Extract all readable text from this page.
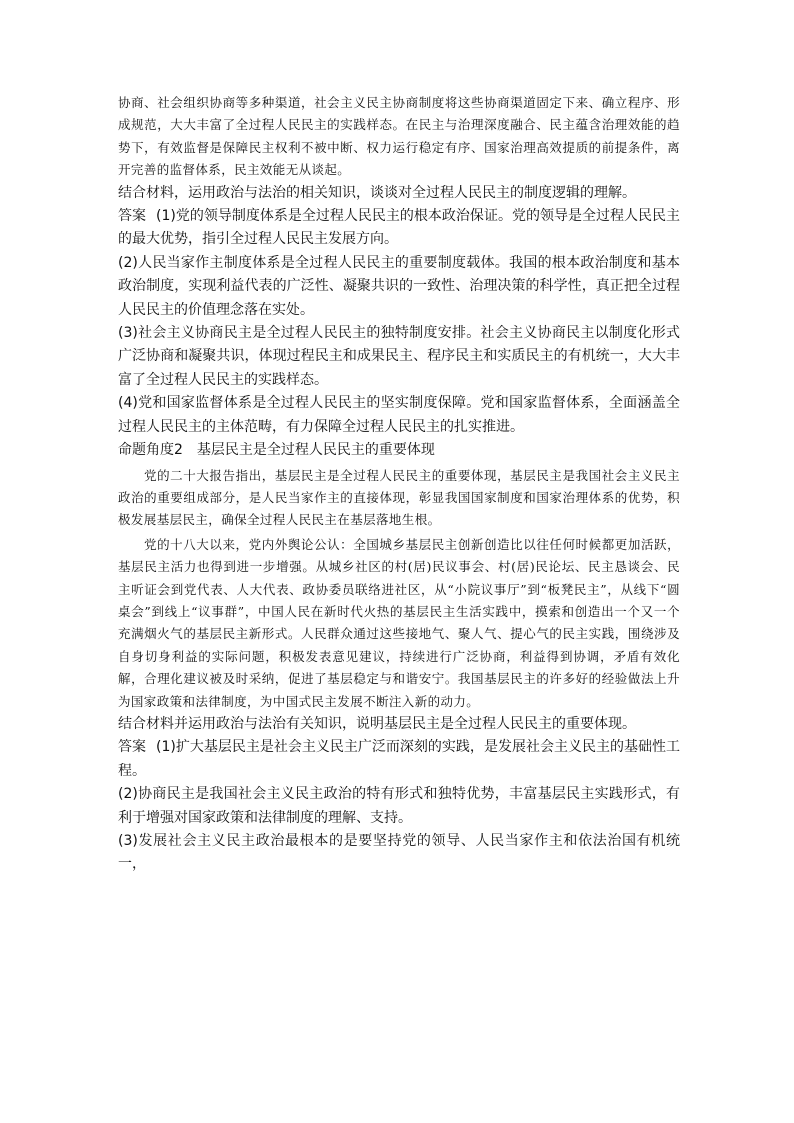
协商、社会组织协商等多种渠道，社会主义民主协商制度将这些协商渠道固定下来、确立程序、形成规范，大大丰富了全过程人民民主的实践样态。在民主与治理深度融合、民主蕴含治理效能的趋势下，有效监督是保障民主权利不被中断、权力运行稳定有序、国家治理高效提质的前提条件，离开完善的监督体系，民主效能无从谈起。

结合材料，运用政治与法治的相关知识，谈谈对全过程人民民主的制度逻辑的理解。

答案 (1)党的领导制度体系是全过程人民民主的根本政治保证。党的领导是全过程人民民主的最大优势，指引全过程人民民主发展方向。

(2)人民当家作主制度体系是全过程人民民主的重要制度载体。我国的根本政治制度和基本政治制度，实现利益代表的广泛性、凝聚共识的一致性、治理决策的科学性，真正把全过程人民民主的价值理念落在实处。

(3)社会主义协商民主是全过程人民民主的独特制度安排。社会主义协商民主以制度化形式广泛协商和凝聚共识，体现过程民主和成果民主、程序民主和实质民主的有机统一，大大丰富了全过程人民民主的实践样态。

(4)党和国家监督体系是全过程人民民主的坚实制度保障。党和国家监督体系，全面涵盖全过程人民民主的主体范畴，有力保障全过程人民民主的扎实推进。

命题角度2 基层民主是全过程人民民主的重要体现

党的二十大报告指出，基层民主是全过程人民民主的重要体现，基层民主是我国社会主义民主政治的重要组成部分，是人民当家作主的直接体现，彰显我国国家制度和国家治理体系的优势，积极发展基层民主，确保全过程人民民主在基层落地生根。

党的十八大以来，党内外舆论公认：全国城乡基层民主创新创造比以往任何时候都更加活跃，基层民主活力也得到进一步增强。从城乡社区的村(居)民议事会、村(居)民论坛、民主恳谈会、民主听证会到党代表、人大代表、政协委员联络进社区，从“小院议事厅”到“板凳民主”，从线下“圆桌会”到线上“议事群”，中国人民在新时代火热的基层民主生活实践中，摸索和创造出一个又一个充满烟火气的基层民主新形式。人民群众通过这些接地气、聚人气、提心气的民主实践，围绕涉及自身切身利益的实际问题，积极发表意见建议，持续进行广泛协商，利益得到协调，矛盾有效化解，合理化建议被及时采纳，促进了基层稳定与和谐安宁。我国基层民主的许多好的经验做法上升为国家政策和法律制度，为中国式民主发展不断注入新的动力。

结合材料并运用政治与法治有关知识，说明基层民主是全过程人民民主的重要体现。

答案 (1)扩大基层民主是社会主义民主广泛而深刻的实践，是发展社会主义民主的基础性工程。

(2)协商民主是我国社会主义民主政治的特有形式和独特优势，丰富基层民主实践形式，有利于增强对国家政策和法律制度的理解、支持。

(3)发展社会主义民主政治最根本的是要坚持党的领导、人民当家作主和依法治国有机统一，
